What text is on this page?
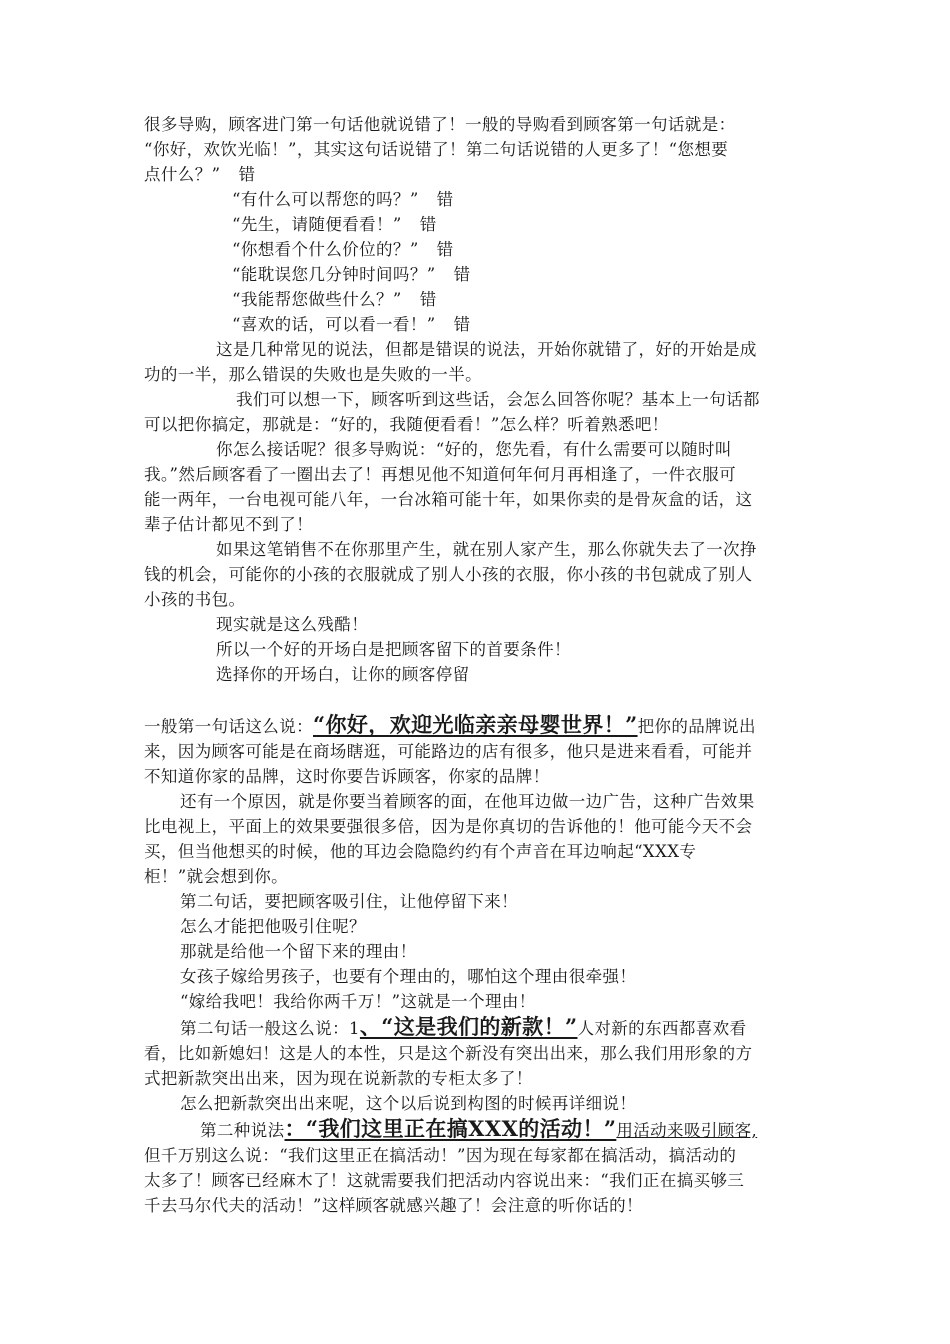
很多导购，顾客进门第一句话他就说错了！一般的导购看到顾客第一句话就是：

“你好，欢饮光临！”，其实这句话说错了！第二句话说错的人更多了！“您想要

点什么？” 错

“有什么可以帮您的吗？” 错

“先生，请随便看看！” 错

“你想看个什么价位的？” 错

“能耽误您几分钟时间吗？” 错

“我能帮您做些什么？” 错

“喜欢的话，可以看一看！” 错

这是几种常见的说法，但都是错误的说法，开始你就错了，好的开始是成

功的一半，那么错误的失败也是失败的一半。

我们可以想一下，顾客听到这些话，会怎么回答你呢？基本上一句话都

可以把你搞定，那就是：“好的，我随便看看！”怎么样？听着熟悉吧！

你怎么接话呢？很多导购说：“好的，您先看，有什么需要可以随时叫

我。”然后顾客看了一圈出去了！再想见他不知道何年何月再相逢了，一件衣服可

能一两年，一台电视可能八年，一台冰箱可能十年，如果你卖的是骨灰盒的话，这

辈子估计都见不到了！

如果这笔销售不在你那里产生，就在别人家产生，那么你就失去了一次挣

钱的机会，可能你的小孩的衣服就成了别人小孩的衣服，你小孩的书包就成了别人

小孩的书包。

现实就是这么残酷！

所以一个好的开场白是把顾客留下的首要条件！

选择你的开场白，让你的顾客停留

一般第一句话这么说：“你好，欢迎光临亲亲母婴世界！”把你的品牌说出

来，因为顾客可能是在商场瞎逛，可能路边的店有很多，他只是进来看看，可能并

不知道你家的品牌，这时你要告诉顾客，你家的品牌！

还有一个原因，就是你要当着顾客的面，在他耳边做一边广告，这种广告效果

比电视上，平面上的效果要强很多倍，因为是你真切的告诉他的！他可能今天不会

买，但当他想买的时候，他的耳边会隐隐约约有个声音在耳边响起“XXX专

柜！”就会想到你。

第二句话，要把顾客吸引住，让他停留下来！

怎么才能把他吸引住呢？

那就是给他一个留下来的理由！

女孩子嫁给男孩子，也要有个理由的，哪怕这个理由很牵强！

“嫁给我吧！我给你两千万！”这就是一个理由！

第二句话一般这么说：1、“这是我们的新款！”人对新的东西都喜欢看

看，比如新媳妇！这是人的本性，只是这个新没有突出出来，那么我们用形象的方

式把新款突出出来，因为现在说新款的专柜太多了！

怎么把新款突出出来呢，这个以后说到构图的时候再详细说！

第二种说法：“我们这里正在搞XXX的活动！”用活动来吸引顾客,

但千万别这么说：“我们这里正在搞活动！”因为现在每家都在搞活动，搞活动的

太多了！顾客已经麻木了！这就需要我们把活动内容说出来：“我们正在搞买够三

千去马尔代夫的活动！”这样顾客就感兴趣了！会注意的听你话的！
